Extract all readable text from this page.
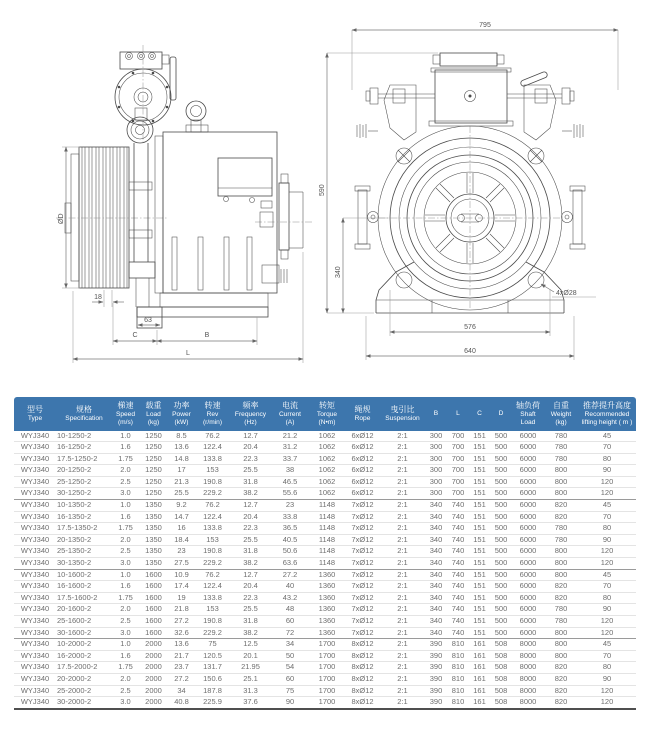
ØD
18
63
C	B
L
795
590
340
4xØ28
576
640
型号
Type

规格
Specification

梯速
Speed
(m/s)

载重
Load
(kg)

功率
Power
(kW)

转速
Rev
(r/min)

频率
Frequency
(Hz)

电流
Current
(A)

转矩
Torque
(N•m)

绳规
Rope

曳引比
Suspension

B	L	C	D

轴负荷
Shaft
Load

自重
Weight
(kg)

推荐提升高度
Recommended
lifting height ( m )

WYJ340	10-1250-2	1.0	1250	8.5	76.2	12.7	21.2	1062	6xØ12	2:1	300	700	151	500	6000	780	45
WYJ340	16-1250-2	1.6	1250	13.6	122.4	20.4	31.2	1062	6xØ12	2:1	300	700	151	500	6000	780	70
WYJ340	17.5-1250-2	1.75	1250	14.8	133.8	22.3	33.7	1062	6xØ12	2:1	300	700	151	500	6000	780	80
WYJ340	20-1250-2	2.0	1250	17	153	25.5	38	1062	6xØ12	2:1	300	700	151	500	6000	800	90
WYJ340	25-1250-2	2.5	1250	21.3	190.8	31.8	46.5	1062	6xØ12	2:1	300	700	151	500	6000	800	120
WYJ340	30-1250-2	3.0	1250	25.5	229.2	38.2	55.6	1062	6xØ12	2:1	300	700	151	500	6000	800	120
WYJ340	10-1350-2	1.0	1350	9.2	76.2	12.7	23	1148	7xØ12	2:1	340	740	151	500	6000	820	45
WYJ340	16-1350-2	1.6	1350	14.7	122.4	20.4	33.8	1148	7xØ12	2:1	340	740	151	500	6000	820	70
WYJ340	17.5-1350-2	1.75	1350	16	133.8	22.3	36.5	1148	7xØ12	2:1	340	740	151	500	6000	780	80
WYJ340	20-1350-2	2.0	1350	18.4	153	25.5	40.5	1148	7xØ12	2:1	340	740	151	500	6000	780	90
WYJ340	25-1350-2	2.5	1350	23	190.8	31.8	50.6	1148	7xØ12	2:1	340	740	151	500	6000	800	120
WYJ340	30-1350-2	3.0	1350	27.5	229.2	38.2	63.6	1148	7xØ12	2:1	340	740	151	500	6000	800	120
WYJ340	10-1600-2	1.0	1600	10.9	76.2	12.7	27.2	1360	7xØ12	2:1	340	740	151	500	6000	800	45
WYJ340	16-1600-2	1.6	1600	17.4	122.4	20.4	40	1360	7xØ12	2:1	340	740	151	500	6000	820	70
WYJ340	17.5-1600-2	1.75	1600	19	133.8	22.3	43.2	1360	7xØ12	2:1	340	740	151	500	6000	820	80
WYJ340	20-1600-2	2.0	1600	21.8	153	25.5	48	1360	7xØ12	2:1	340	740	151	500	6000	780	90
WYJ340	25-1600-2	2.5	1600	27.2	190.8	31.8	60	1360	7xØ12	2:1	340	740	151	500	6000	780	120
WYJ340	30-1600-2	3.0	1600	32.6	229.2	38.2	72	1360	7xØ12	2:1	340	740	151	500	6000	800	120
WYJ340	10-2000-2	1.0	2000	13.6	75	12.5	34	1700	8xØ12	2:1	390	810	161	508	8000	800	45
WYJ340	16-2000-2	1.6	2000	21.7	120.5	20.1	50	1700	8xØ12	2:1	390	810	161	508	8000	800	70
WYJ340	17.5-2000-2	1.75	2000	23.7	131.7	21.95	54	1700	8xØ12	2:1	390	810	161	508	8000	820	80
WYJ340	20-2000-2	2.0	2000	27.2	150.6	25.1	60	1700	8xØ12	2:1	390	810	161	508	8000	820	90
WYJ340	25-2000-2	2.5	2000	34	187.8	31.3	75	1700	8xØ12	2:1	390	810	161	508	8000	820	120
WYJ340	30-2000-2	3.0	2000	40.8	225.9	37.6	90	1700	8xØ12	2:1	390	810	161	508	8000	820	120
